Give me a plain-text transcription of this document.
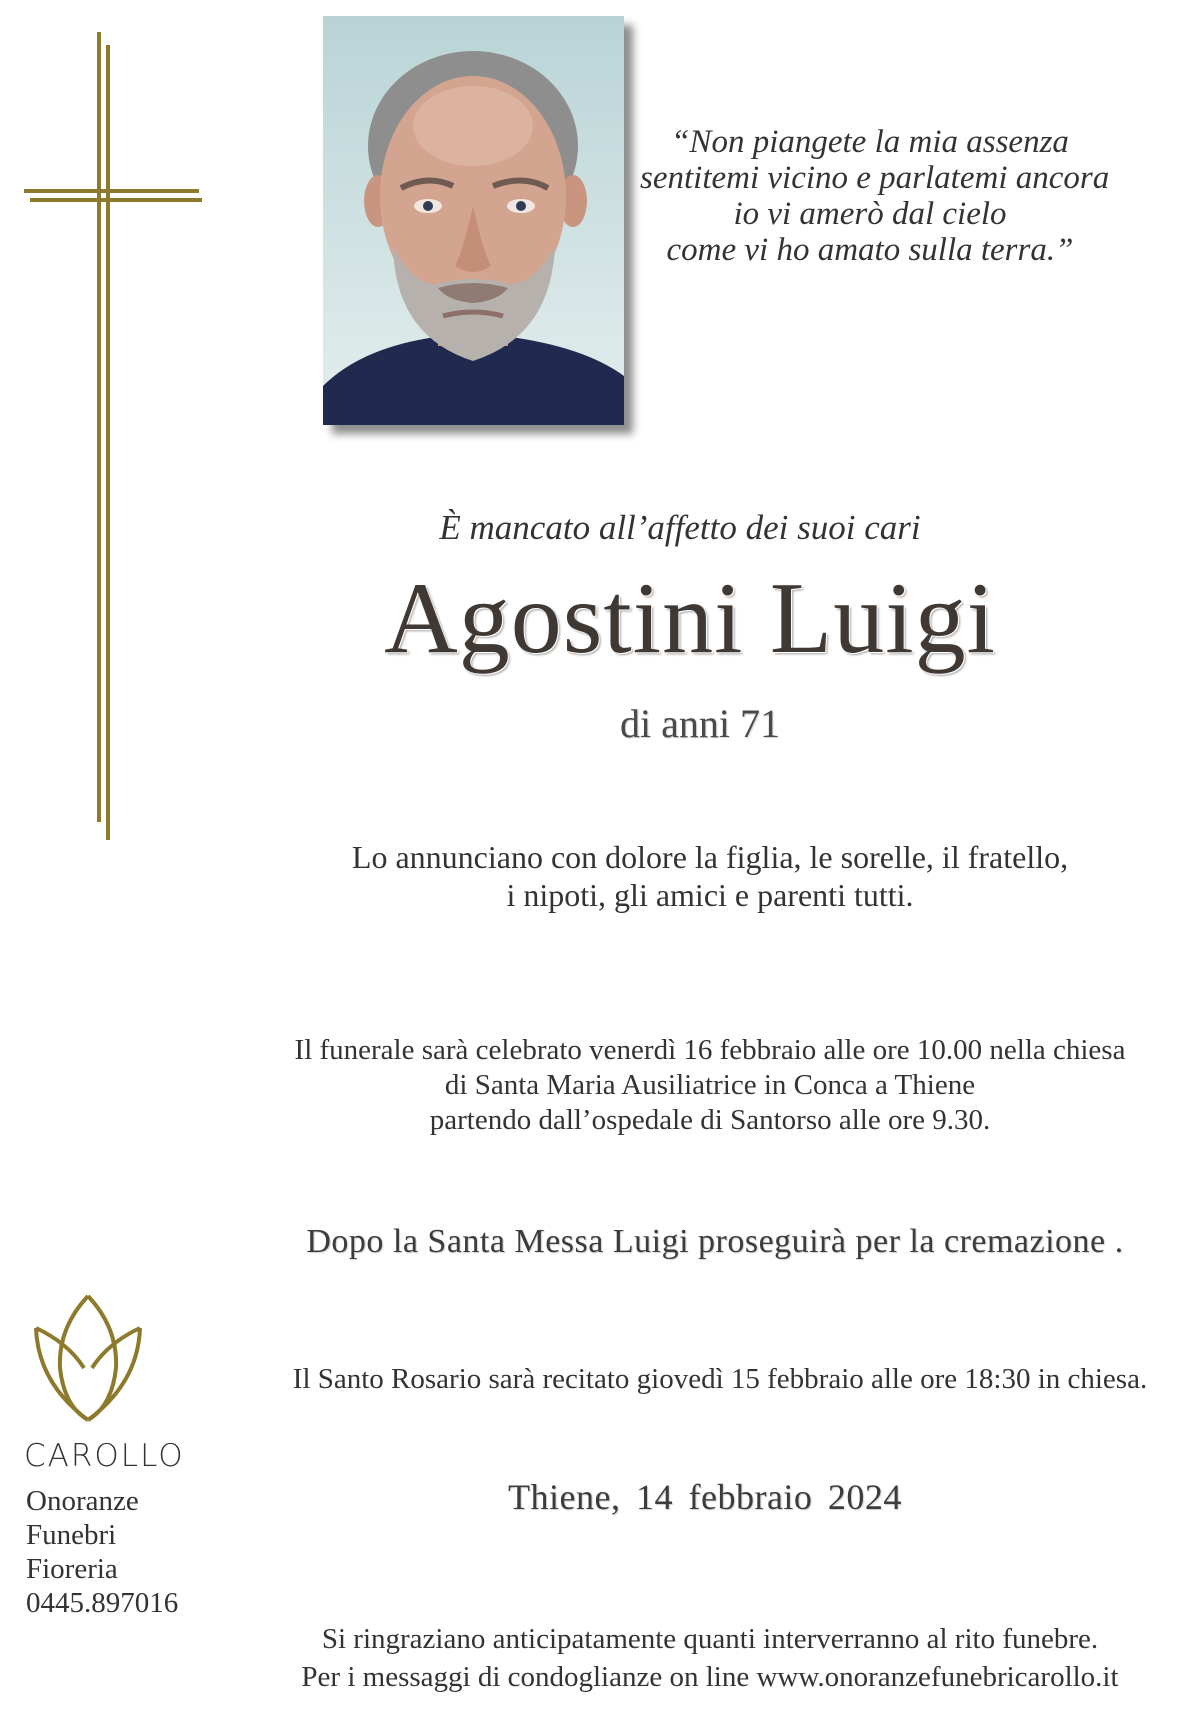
“Non piangete la mia assenza
sentitemi vicino e parlatemi ancora
io vi amerò dal cielo
come vi ho amato sulla terra.”
È mancato all’affetto dei suoi cari
Agostini Luigi
di anni 71
Lo annunciano con dolore la figlia, le sorelle, il fratello,
i nipoti, gli amici e parenti tutti.
Il funerale sarà celebrato venerdì 16 febbraio alle ore 10.00 nella chiesa
di Santa Maria Ausiliatrice in Conca a Thiene
partendo dall’ospedale di Santorso alle ore 9.30.
Dopo la Santa Messa Luigi proseguirà per la cremazione .
Il Santo Rosario sarà recitato giovedì 15 febbraio alle ore 18:30 in chiesa.
Thiene, 14 febbraio 2024
Si ringraziano anticipatamente quanti interverranno al rito funebre.
Per i messaggi di condoglianze on line www.onoranzefunebricarollo.it
CAROLLO
Onoranze
Funebri
Fioreria
0445.897016
